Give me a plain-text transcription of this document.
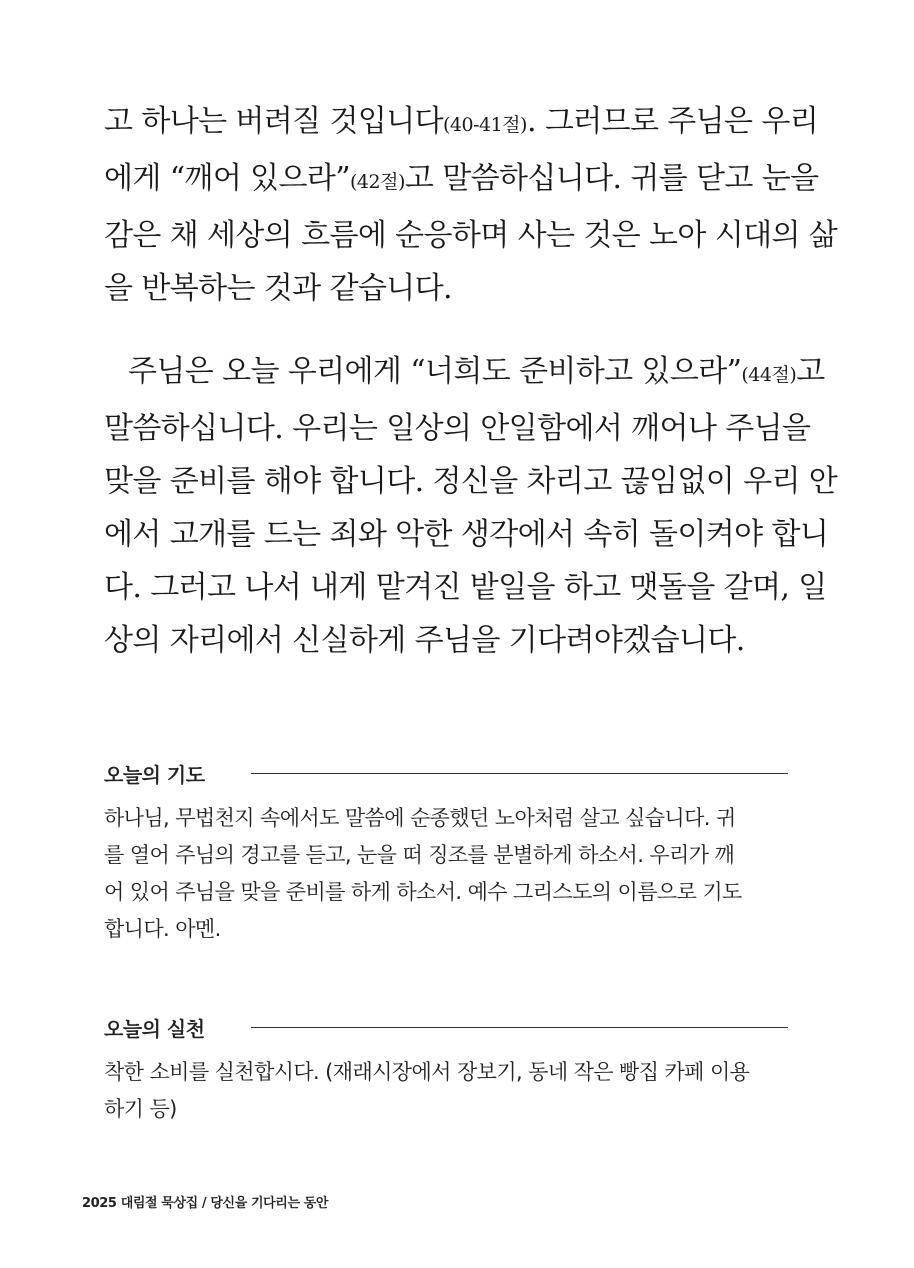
고 하나는 버려질 것입니다(40-41절). 그러므로 주님은 우리
에게 “깨어 있으라”(42절)고 말씀하십니다. 귀를 닫고 눈을
감은 채 세상의 흐름에 순응하며 사는 것은 노아 시대의 삶
을 반복하는 것과 같습니다.
주님은 오늘 우리에게 “너희도 준비하고 있으라”(44절)고
말씀하십니다. 우리는 일상의 안일함에서 깨어나 주님을
맞을 준비를 해야 합니다. 정신을 차리고 끊임없이 우리 안
에서 고개를 드는 죄와 악한 생각에서 속히 돌이켜야 합니
다. 그러고 나서 내게 맡겨진 밭일을 하고 맷돌을 갈며, 일
상의 자리에서 신실하게 주님을 기다려야겠습니다.
오늘의 기도
하나님, 무법천지 속에서도 말씀에 순종했던 노아처럼 살고 싶습니다. 귀
를 열어 주님의 경고를 듣고, 눈을 떠 징조를 분별하게 하소서. 우리가 깨
어 있어 주님을 맞을 준비를 하게 하소서. 예수 그리스도의 이름으로 기도
합니다. 아멘.
오늘의 실천
착한 소비를 실천합시다. (재래시장에서 장보기, 동네 작은 빵집 카페 이용
하기 등)
2025 대림절 묵상집 / 당신을 기다리는 동안
